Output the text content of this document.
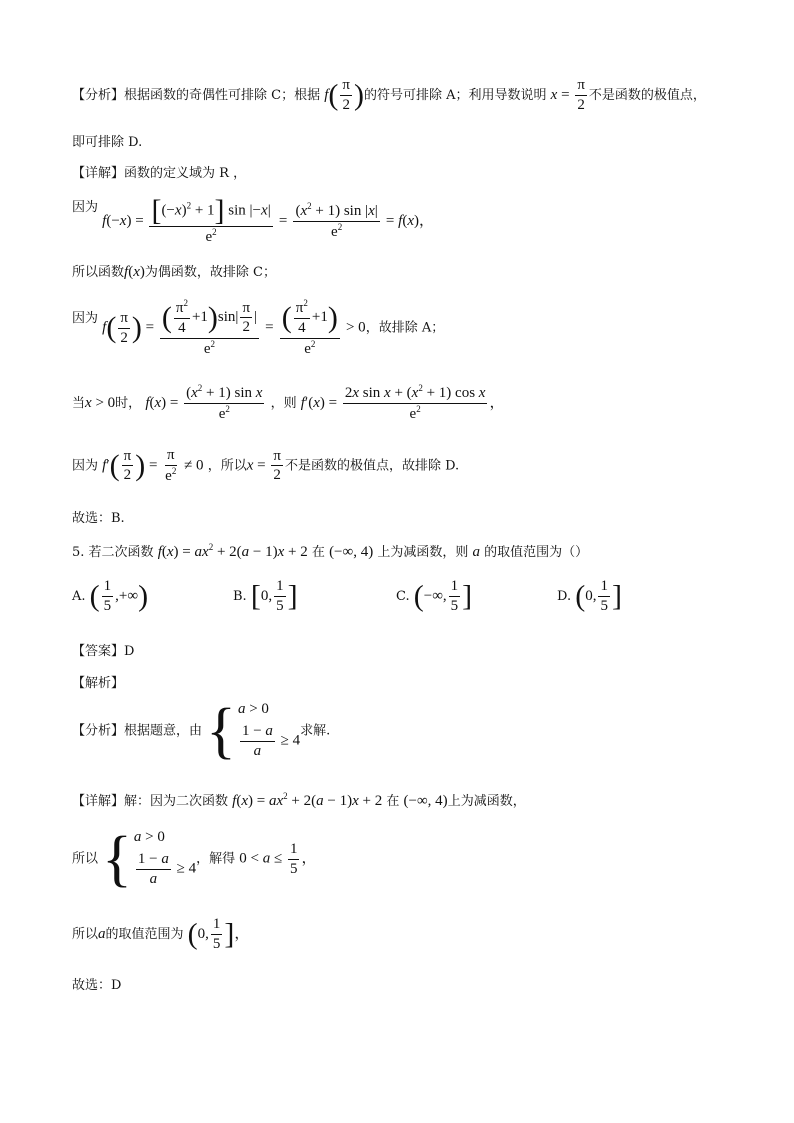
【分析】根据函数的奇偶性可排除 C；根据 $f( \frac{\pi}{2}$ )的符号可排除 A；利用导数说明 $x = \frac{\pi}{2}$ 不是函数的极值点，
即可排除 D.
【详解】函数的定义域为 R ，
因为 $f(-x) = \frac{[(-x)^2 + 1] \sin |-x|}{e^2} = \frac{(x^2 + 1) \sin |x|}{e^2} = f(x)$，
所以函数f(x)为偶函数，故排除 C；
因为 $f( \frac{\pi}{2}$ ) = $\frac{( \frac{\pi^2}{4} +1)\sin| \frac{\pi}{2} |}{e^2} = \frac{( \frac{\pi^2}{4} +1)}{e^2} > 0$，故排除 A；
当x > 0时， $f(x) = \frac{(x^2 + 1) \sin x}{e^2}$ ，则 $f'(x) = \frac{2x \sin x + (x^2 + 1) \cos x}{e^2}$ ，
因为 $f'( \frac{\pi}{2}$ ) = $\frac{\pi}{e^2} \ne 0$ ，所以$x = \frac{\pi}{2}$ 不是函数的极值点，故排除 D.
故选：B.
5. 若二次函数 $f(x) = ax^2 + 2(a - 1)x + 2$ 在 (−∞, 4) 上为减函数，则 a 的取值范围为（）
A. ( $\frac{1}{5}$ ,+∞)	B. [0, $\frac{1}{5}$ ]	C. (−∞, $\frac{1}{5}$ ]	D. (0, $\frac{1}{5}$ ]
【答案】D
【解析】
【分析】根据题意，由 { a > 0
$\frac{1 - a}{a} \ge 4$
求解.
【详解】解：因为二次函数 $f(x) = ax^2 + 2(a - 1)x + 2$ 在 (−∞, 4)上为减函数，
所以 { a > 0
$\frac{1 - a}{a} \ge 4$
，解得 $0 < a \le \frac{1}{5}$ ，
所以a的取值范围为 (0, $\frac{1}{5}$ ]，
故选：D
